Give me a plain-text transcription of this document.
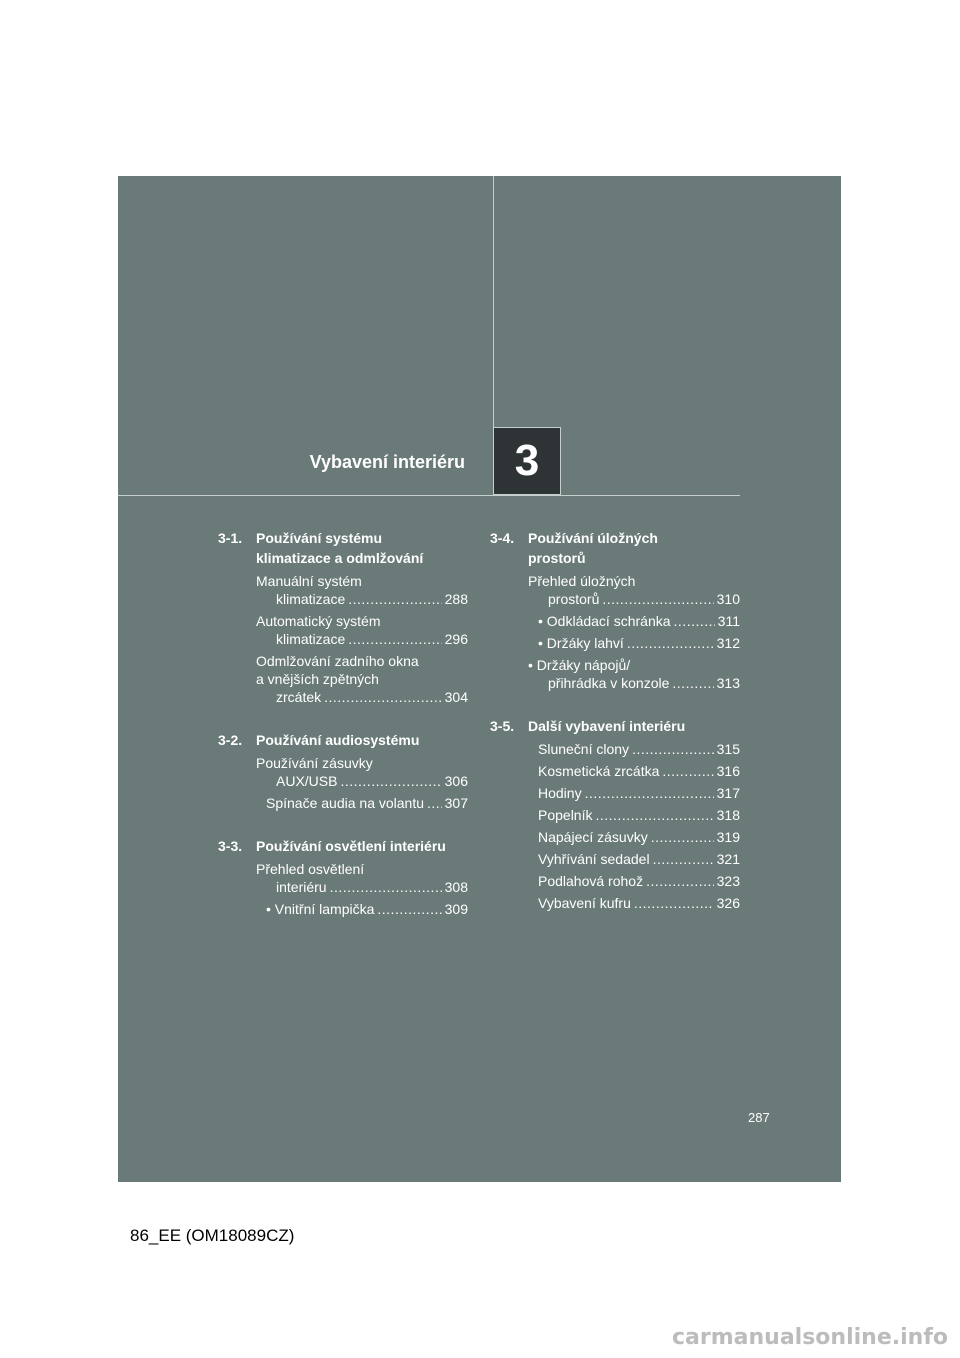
Vybavení interiéru	3
3-1. Používání systému
klimatizace a odmlžování
Manuální systém
klimatizace .....	288
Automatický systém
klimatizace .....	296
Odmlžování zadního okna
a vnějších zpětných
zrcátek .....	304
3-2. Používání audiosystému
Používání zásuvky
AUX/USB .....	306
Spínače audia na volantu ..... 307
3-3. Používání osvětlení interiéru
Přehled osvětlení
interiéru .....	308
• Vnitřní lampička .....	309
3-4. Používání úložných
prostorů
Přehled úložných
prostorů .....	310
• Odkládací schránka .....	311
• Držáky lahví .....	312
• Držáky nápojů/
přihrádka v konzole .....	313
3-5. Další vybavení interiéru
Sluneční clony .....	315
Kosmetická zrcátka .....	316
Hodiny .....	317
Popelník .....	318
Napájecí zásuvky .....	319
Vyhřívání sedadel .....	321
Podlahová rohož .....	323
Vybavení kufru .....	326
287
86_EE (OM18089CZ)
carmanualsonline.info
